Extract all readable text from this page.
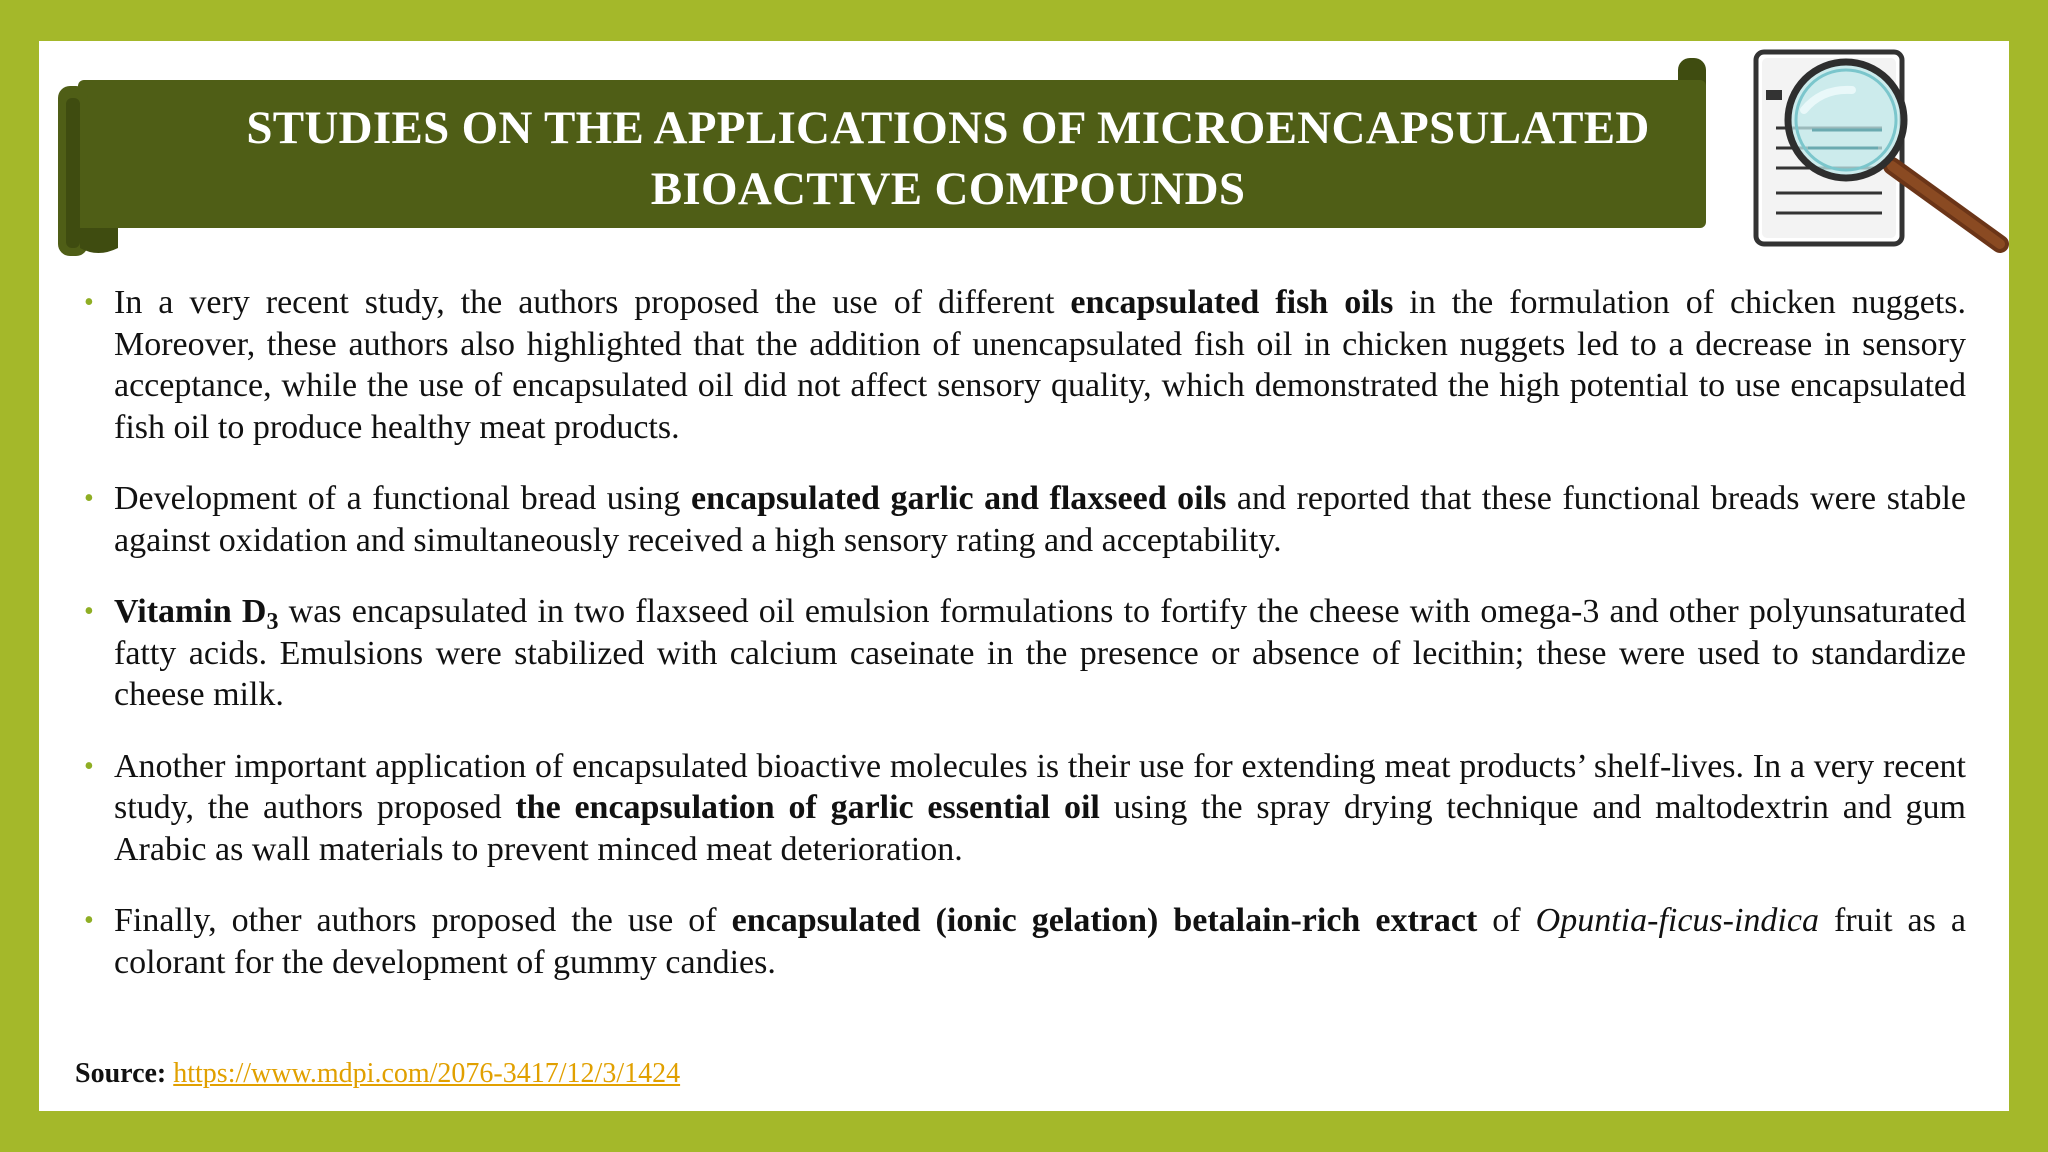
STUDIES ON THE APPLICATIONS OF MICROENCAPSULATED
BIOACTIVE COMPOUNDS
• In a very recent study, the authors proposed the use of different encapsulated fish oils in the formulation of chicken nuggets. Moreover, these authors also highlighted that the addition of unencapsulated fish oil in chicken nuggets led to a decrease in sensory acceptance, while the use of encapsulated oil did not affect sensory quality, which demonstrated the high potential to use encapsulated fish oil to produce healthy meat products.
• Development of a functional bread using encapsulated garlic and flaxseed oils and reported that these functional breads were stable against oxidation and simultaneously received a high sensory rating and acceptability.
• Vitamin $D_3$ was encapsulated in two flaxseed oil emulsion formulations to fortify the cheese with omega-3 and other polyunsaturated fatty acids. Emulsions were stabilized with calcium caseinate in the presence or absence of lecithin; these were used to standardize cheese milk.
• Another important application of encapsulated bioactive molecules is their use for extending meat products’ shelf-lives. In a very recent study, the authors proposed the encapsulation of garlic essential oil using the spray drying technique and maltodextrin and gum Arabic as wall materials to prevent minced meat deterioration.
• Finally, other authors proposed the use of encapsulated (ionic gelation) betalain-rich extract of Opuntia-ficus-indica fruit as a colorant for the development of gummy candies.
Source: https://www.mdpi.com/2076-3417/12/3/1424
